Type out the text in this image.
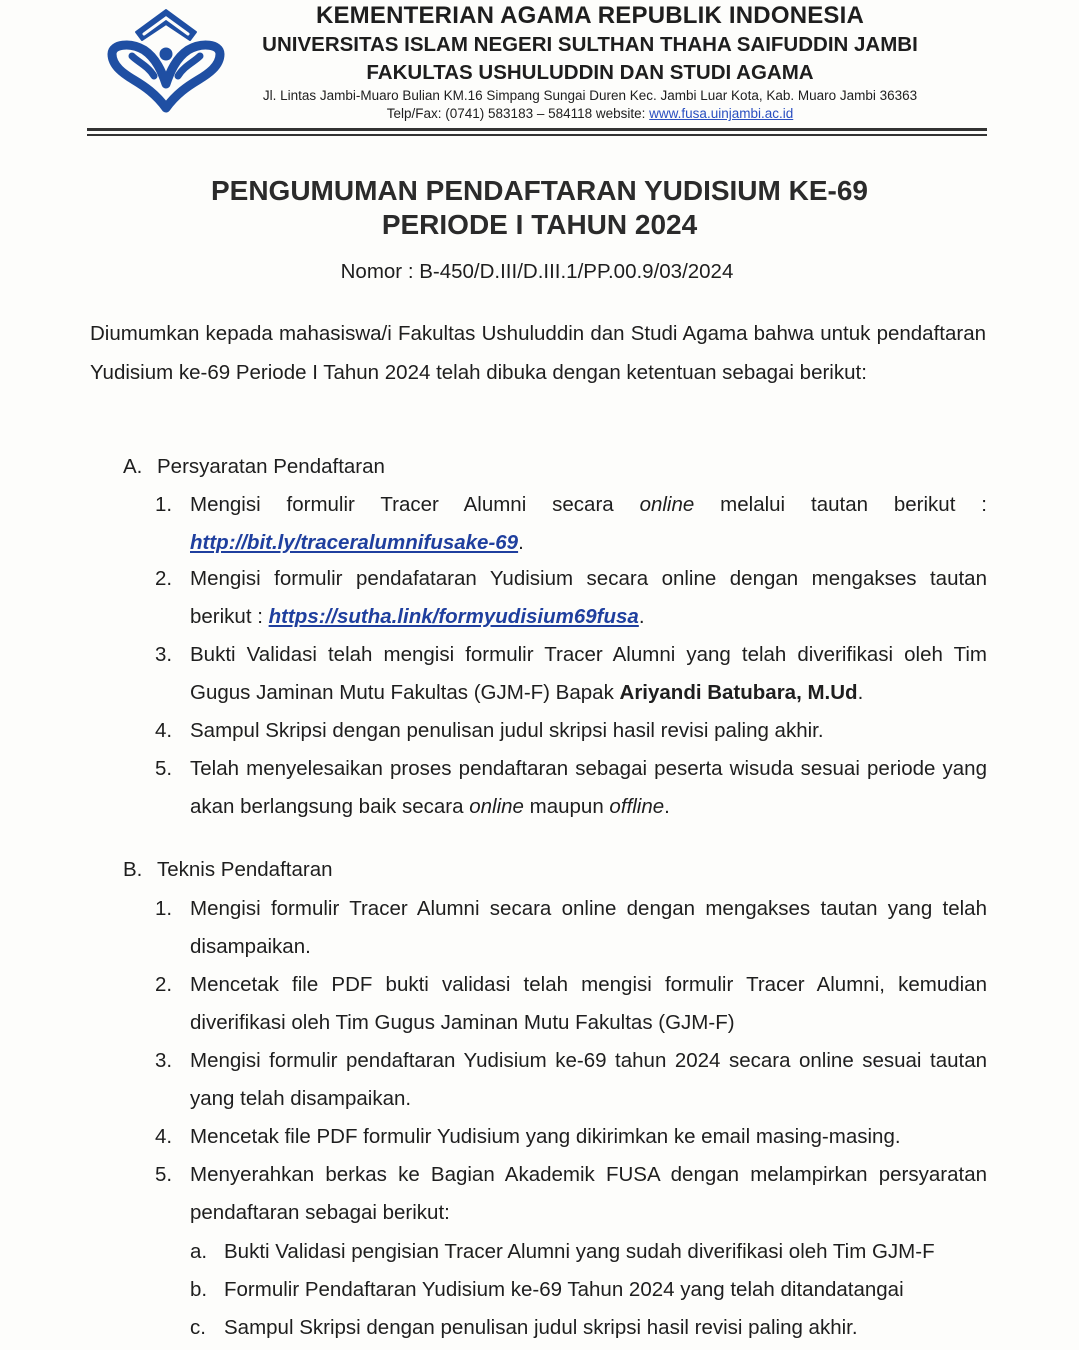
KEMENTERIAN AGAMA REPUBLIK INDONESIA
UNIVERSITAS ISLAM NEGERI SULTHAN THAHA SAIFUDDIN JAMBI
FAKULTAS USHULUDDIN DAN STUDI AGAMA
Jl. Lintas Jambi-Muaro Bulian KM.16 Simpang Sungai Duren Kec. Jambi Luar Kota, Kab. Muaro Jambi 36363
Telp/Fax: (0741) 583183 – 584118 website: www.fusa.uinjambi.ac.id
PENGUMUMAN PENDAFTARAN YUDISIUM KE-69
PERIODE I TAHUN 2024
Nomor : B-450/D.III/D.III.1/PP.00.9/03/2024
Diumumkan kepada mahasiswa/i Fakultas Ushuluddin dan Studi Agama bahwa untuk pendaftaran Yudisium ke-69 Periode I Tahun 2024 telah dibuka dengan ketentuan sebagai berikut:
A. Persyaratan Pendaftaran
1. Mengisi formulir Tracer Alumni secara online melalui tautan berikut : http://bit.ly/traceralumnifusake-69.
2. Mengisi formulir pendafataran Yudisium secara online dengan mengakses tautan berikut : https://sutha.link/formyudisium69fusa.
3. Bukti Validasi telah mengisi formulir Tracer Alumni yang telah diverifikasi oleh Tim Gugus Jaminan Mutu Fakultas (GJM-F) Bapak Ariyandi Batubara, M.Ud.
4. Sampul Skripsi dengan penulisan judul skripsi hasil revisi paling akhir.
5. Telah menyelesaikan proses pendaftaran sebagai peserta wisuda sesuai periode yang akan berlangsung baik secara online maupun offline.
B. Teknis Pendaftaran
1. Mengisi formulir Tracer Alumni secara online dengan mengakses tautan yang telah disampaikan.
2. Mencetak file PDF bukti validasi telah mengisi formulir Tracer Alumni, kemudian diverifikasi oleh Tim Gugus Jaminan Mutu Fakultas (GJM-F)
3. Mengisi formulir pendaftaran Yudisium ke-69 tahun 2024 secara online sesuai tautan yang telah disampaikan.
4. Mencetak file PDF formulir Yudisium yang dikirimkan ke email masing-masing.
5. Menyerahkan berkas ke Bagian Akademik FUSA dengan melampirkan persyaratan pendaftaran sebagai berikut:
a. Bukti Validasi pengisian Tracer Alumni yang sudah diverifikasi oleh Tim GJM-F
b. Formulir Pendaftaran Yudisium ke-69 Tahun 2024 yang telah ditandatangai
c. Sampul Skripsi dengan penulisan judul skripsi hasil revisi paling akhir.
